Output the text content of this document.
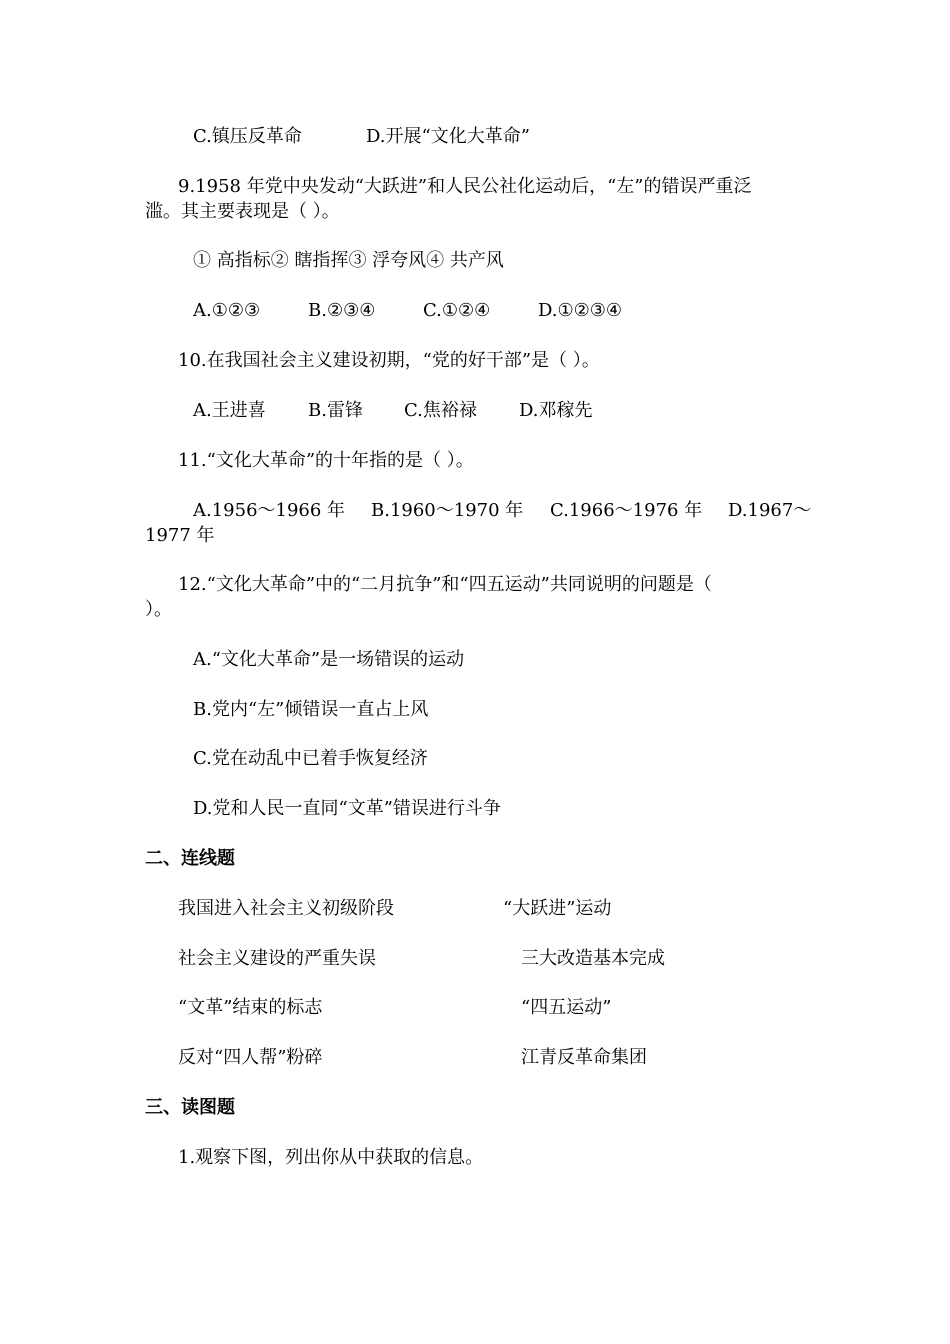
C.镇压反革命	D.开展“文化大革命”
9.1958 年党中央发动“大跃进”和人民公社化运动后，“左”的错误严重泛
滥。其主要表现是（ ）。
① 高指标② 瞎指挥③ 浮夸风④ 共产风
A.①②③	B.②③④	C.①②④	D.①②③④
10.在我国社会主义建设初期，“党的好干部”是（ ）。
A.王进喜 B.雷锋 C.焦裕禄 D.邓稼先
11.“文化大革命”的十年指的是（ ）。
A.1956～1966 年 B.1960～1970 年 C.1966～1976 年 D.1967～
1977 年
12.“文化大革命”中的“二月抗争”和“四五运动”共同说明的问题是（
）。
A.“文化大革命”是一场错误的运动
B.党内“左”倾错误一直占上风
C.党在动乱中已着手恢复经济
D.党和人民一直同“文革”错误进行斗争
二、连线题
我国进入社会主义初级阶段	“大跃进”运动
社会主义建设的严重失误	三大改造基本完成
“文革”结束的标志	“四五运动”
反对“四人帮”粉碎	江青反革命集团
三、读图题
1.观察下图，列出你从中获取的信息。
